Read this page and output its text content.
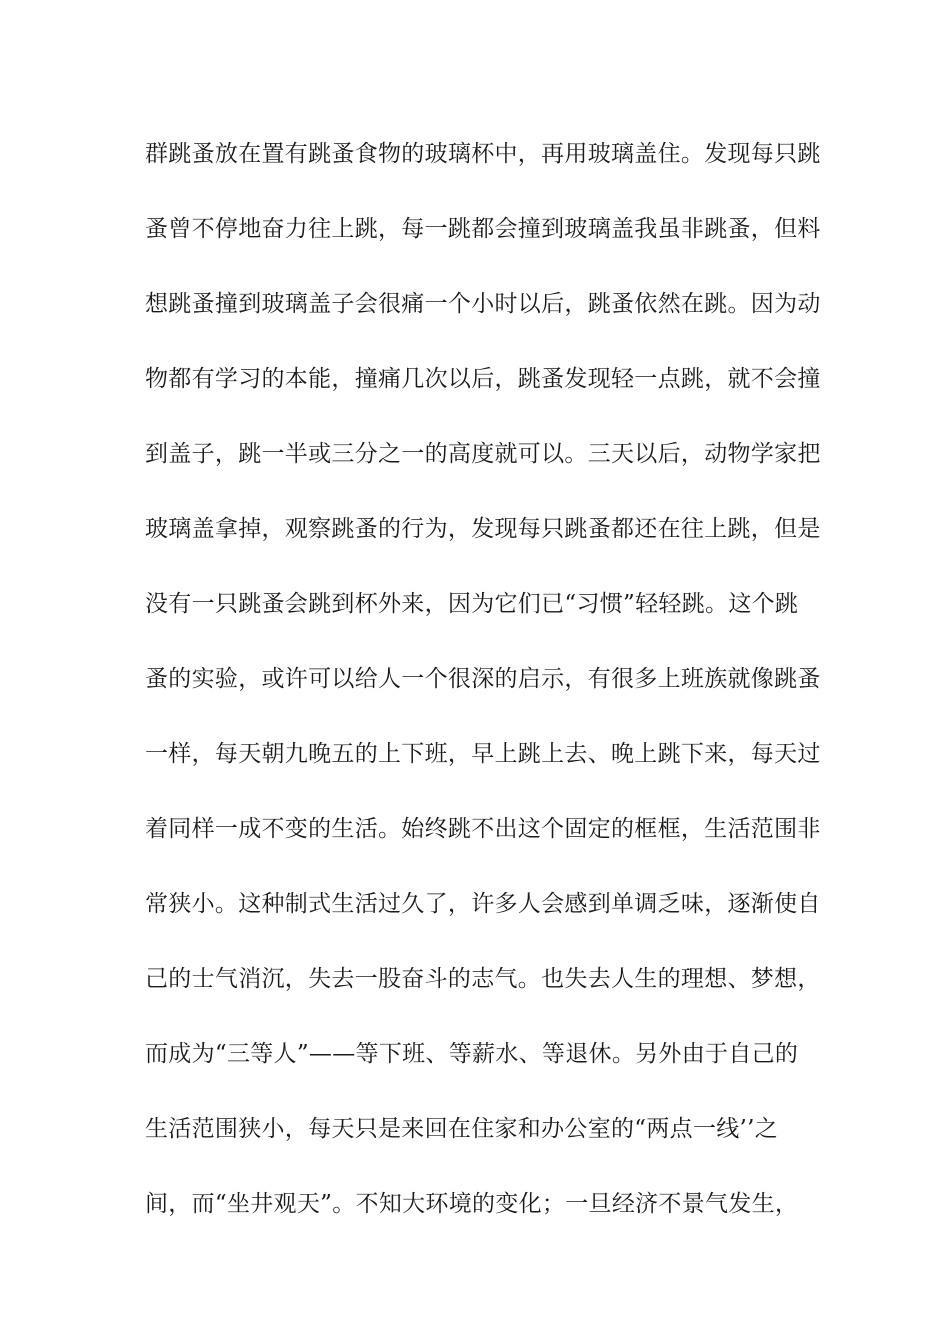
群跳蚤放在置有跳蚤食物的玻璃杯中，再用玻璃盖住。发现每只跳
蚤曾不停地奋力往上跳，每一跳都会撞到玻璃盖我虽非跳蚤，但料
想跳蚤撞到玻璃盖子会很痛一个小时以后，跳蚤依然在跳。因为动
物都有学习的本能，撞痛几次以后，跳蚤发现轻一点跳，就不会撞
到盖子，跳一半或三分之一的高度就可以。三天以后，动物学家把
玻璃盖拿掉，观察跳蚤的行为，发现每只跳蚤都还在往上跳，但是
没有一只跳蚤会跳到杯外来，因为它们已“习惯”轻轻跳。这个跳
蚤的实验，或许可以给人一个很深的启示，有很多上班族就像跳蚤
一样，每天朝九晚五的上下班，早上跳上去、晚上跳下来，每天过
着同样一成不变的生活。始终跳不出这个固定的框框，生活范围非
常狭小。这种制式生活过久了，许多人会感到单调乏味，逐渐使自
己的士气消沉，失去一股奋斗的志气。也失去人生的理想、梦想，
而成为“三等人”——等下班、等薪水、等退休。另外由于自己的
生活范围狭小，每天只是来回在住家和办公室的“两点一线’’之
间，而“坐井观天”。不知大环境的变化；一旦经济不景气发生，
